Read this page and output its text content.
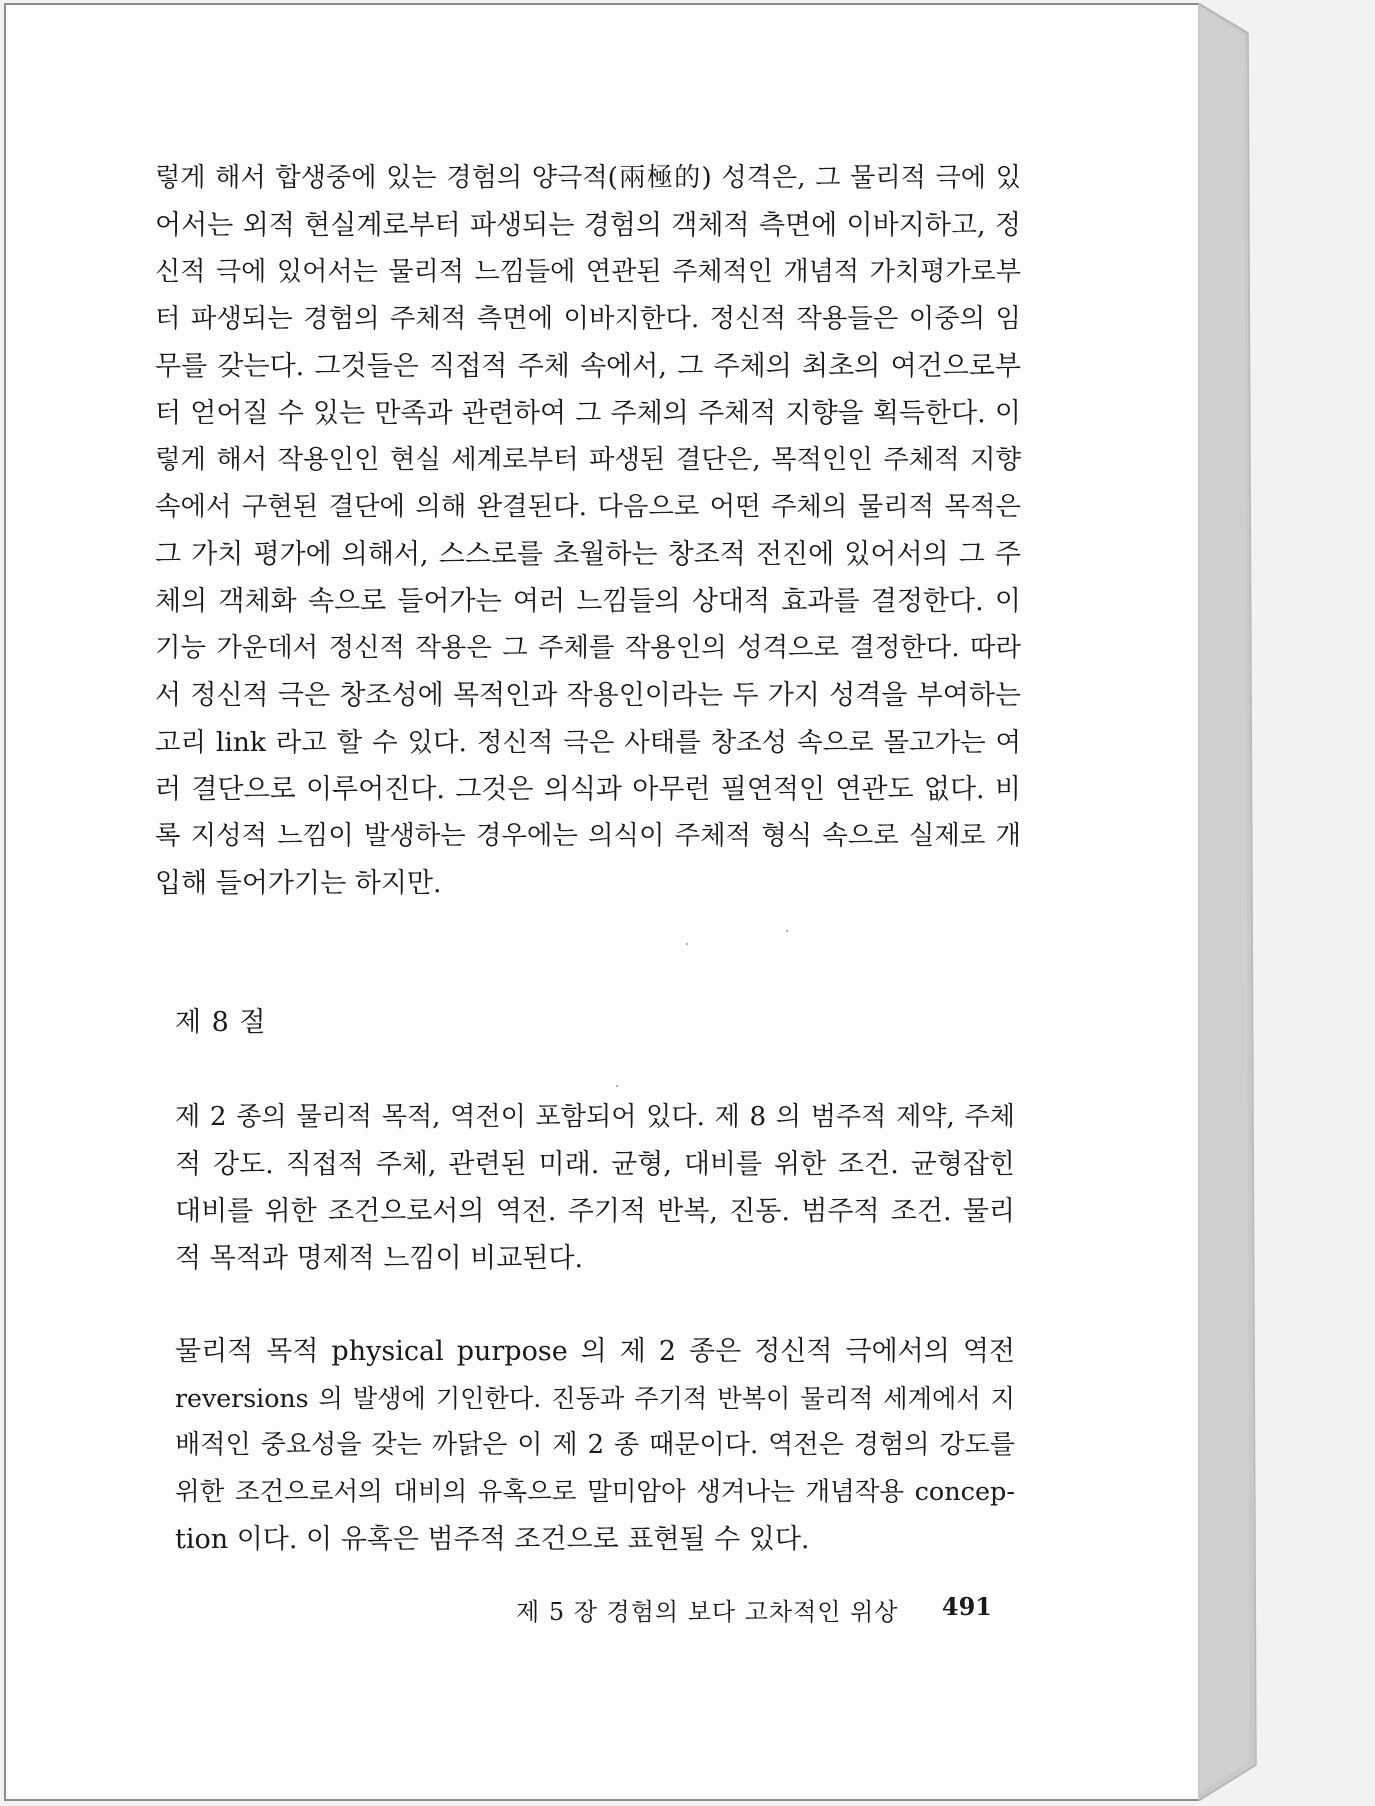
렇게 해서 합생중에 있는 경험의 양극적(兩極的) 성격은, 그 물리적 극에 있
어서는 외적 현실계로부터 파생되는 경험의 객체적 측면에 이바지하고, 정
신적 극에 있어서는 물리적 느낌들에 연관된 주체적인 개념적 가치평가로부
터 파생되는 경험의 주체적 측면에 이바지한다. 정신적 작용들은 이중의 임
무를 갖는다. 그것들은 직접적 주체 속에서, 그 주체의 최초의 여건으로부
터 얻어질 수 있는 만족과 관련하여 그 주체의 주체적 지향을 획득한다. 이
렇게 해서 작용인인 현실 세계로부터 파생된 결단은, 목적인인 주체적 지향
속에서 구현된 결단에 의해 완결된다. 다음으로 어떤 주체의 물리적 목적은
그 가치 평가에 의해서, 스스로를 초월하는 창조적 전진에 있어서의 그 주
체의 객체화 속으로 들어가는 여러 느낌들의 상대적 효과를 결정한다. 이
기능 가운데서 정신적 작용은 그 주체를 작용인의 성격으로 결정한다. 따라
서 정신적 극은 창조성에 목적인과 작용인이라는 두 가지 성격을 부여하는
고리 link 라고 할 수 있다. 정신적 극은 사태를 창조성 속으로 몰고가는 여
러 결단으로 이루어진다. 그것은 의식과 아무런 필연적인 연관도 없다. 비
록 지성적 느낌이 발생하는 경우에는 의식이 주체적 형식 속으로 실제로 개
입해 들어가기는 하지만.
제 8 절
제 2 종의 물리적 목적, 역전이 포함되어 있다. 제 8 의 범주적 제약, 주체
적 강도. 직접적 주체, 관련된 미래. 균형, 대비를 위한 조건. 균형잡힌
대비를 위한 조건으로서의 역전. 주기적 반복, 진동. 범주적 조건. 물리
적 목적과 명제적 느낌이 비교된다.
물리적 목적 physical purpose 의 제 2 종은 정신적 극에서의 역전
reversions 의 발생에 기인한다. 진동과 주기적 반복이 물리적 세계에서 지
배적인 중요성을 갖는 까닭은 이 제 2 종 때문이다. 역전은 경험의 강도를
위한 조건으로서의 대비의 유혹으로 말미암아 생겨나는 개념작용 concep-
tion 이다. 이 유혹은 범주적 조건으로 표현될 수 있다.
제 5 장 경험의 보다 고차적인 위상 491
